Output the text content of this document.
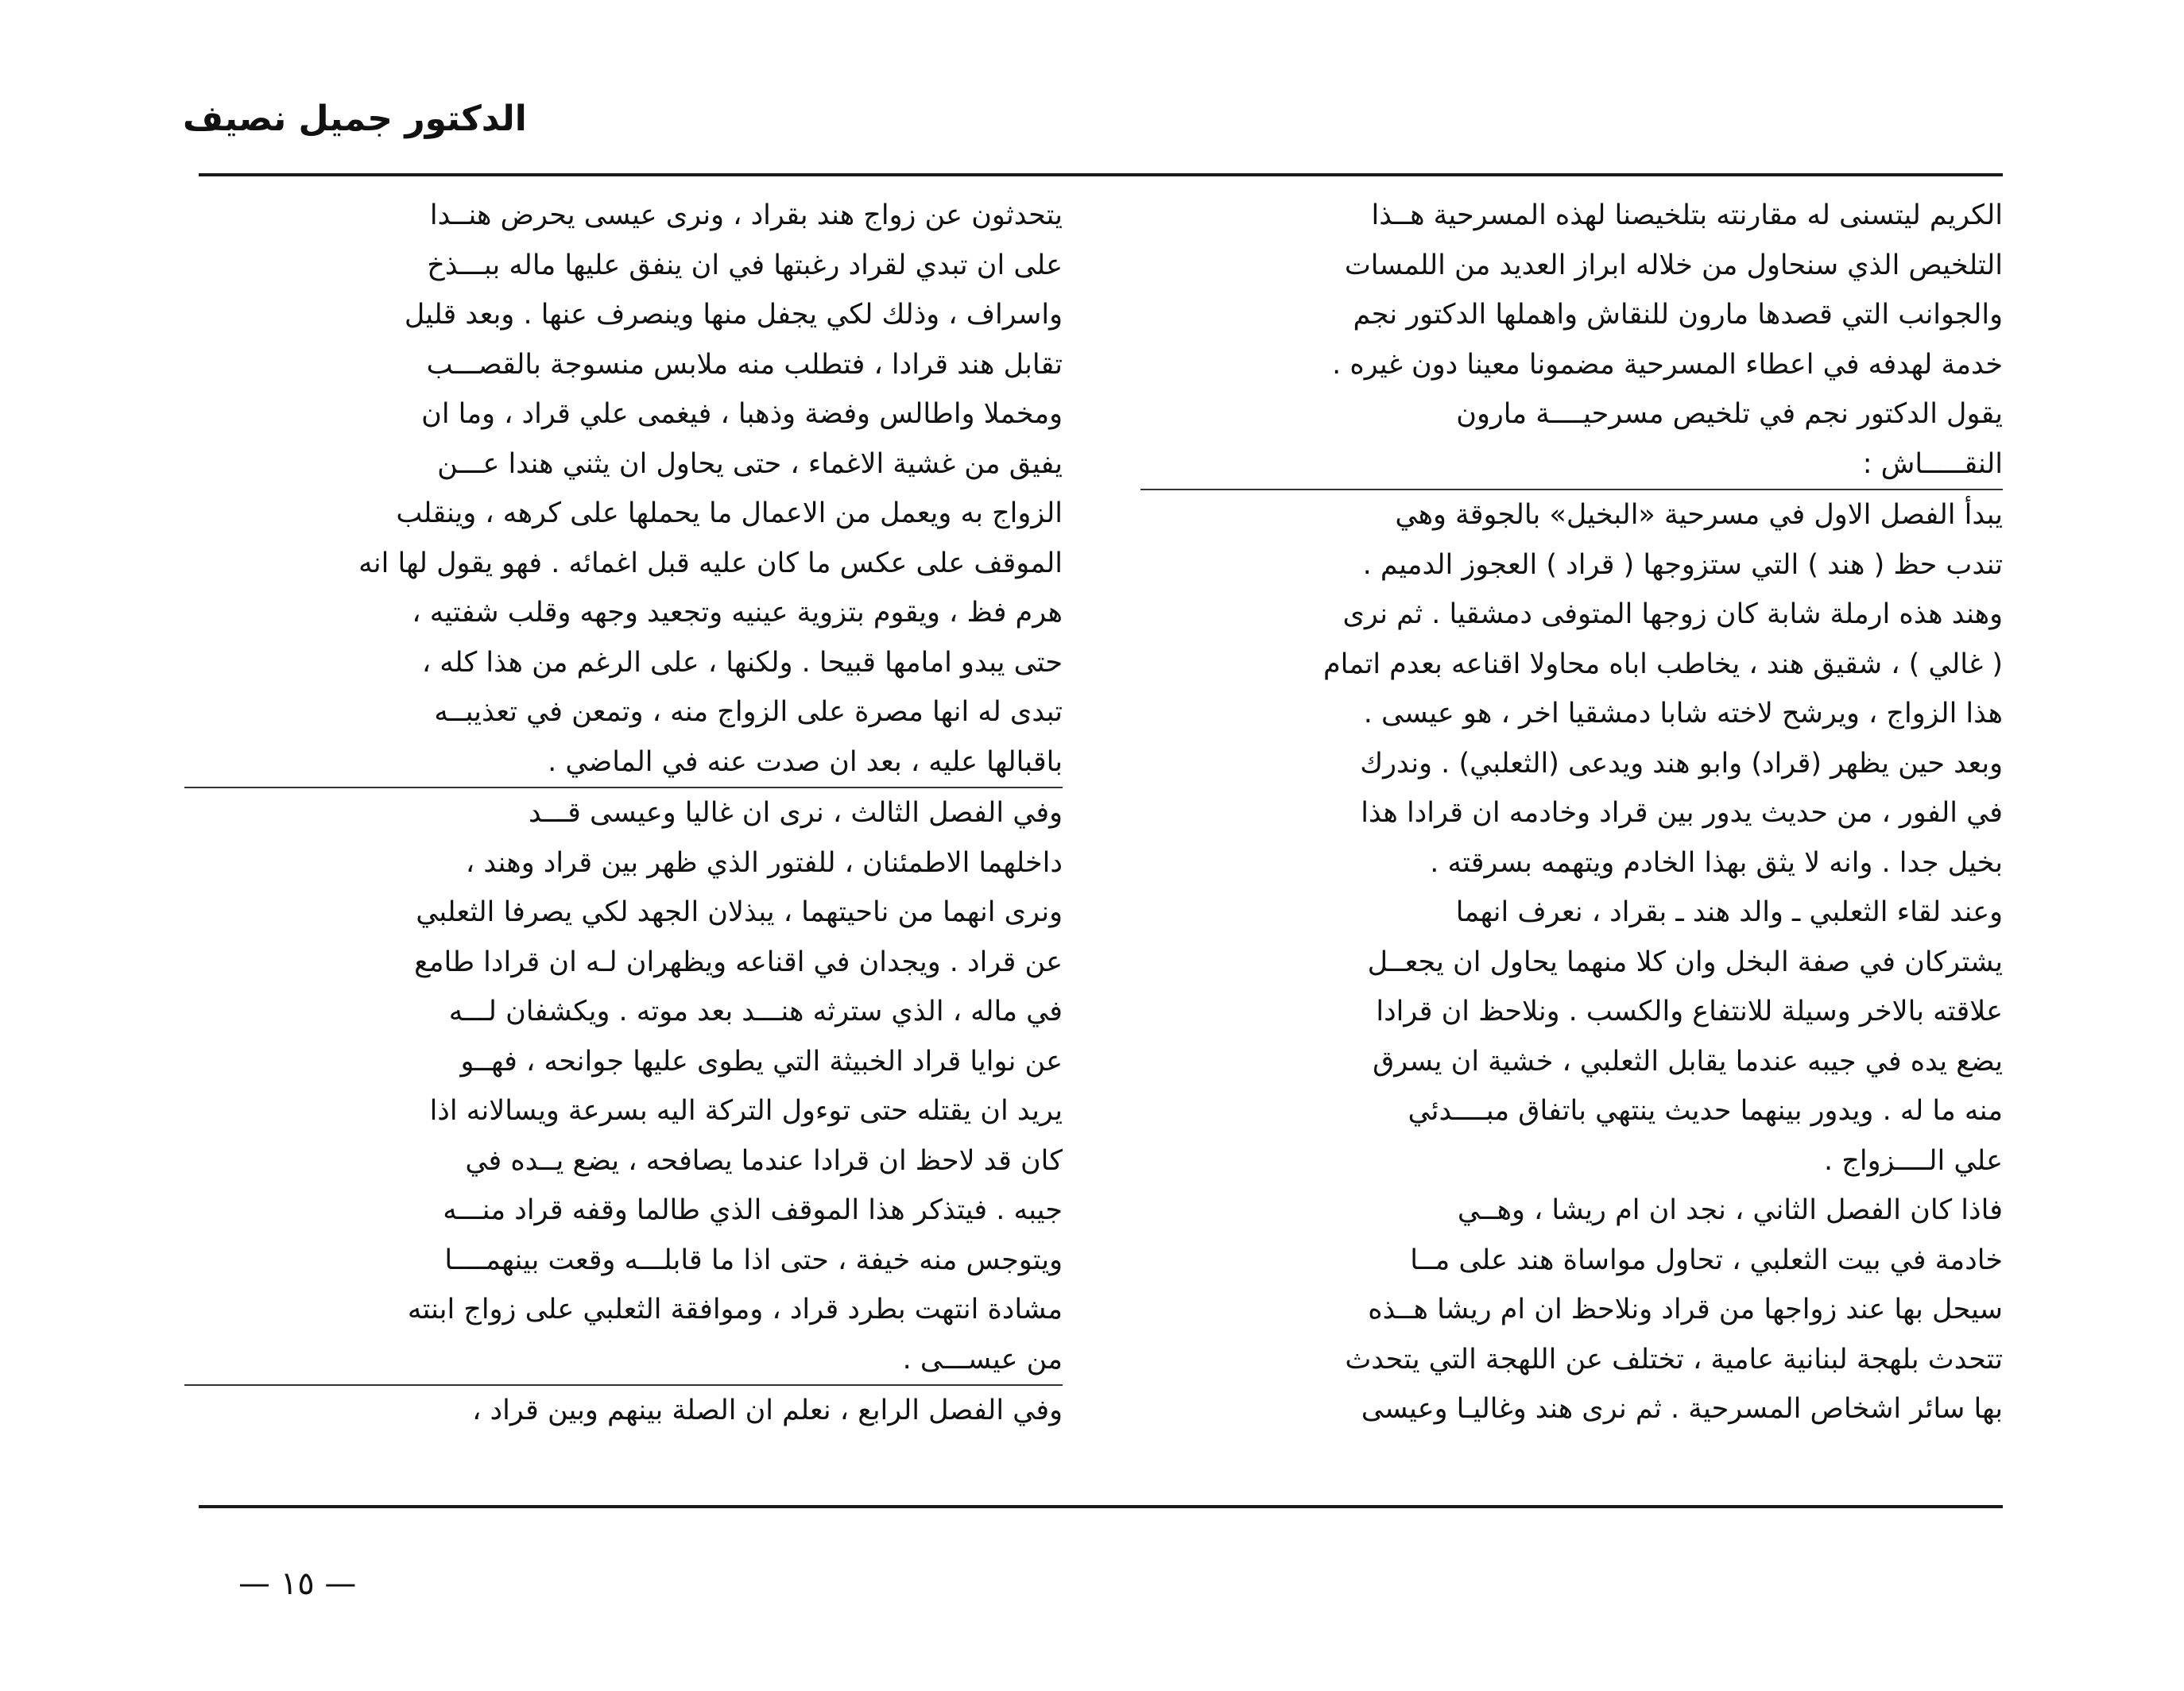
الدكتور جميل نصيف
الكريم ليتسنى له مقارنته بتلخيصنا لهذه المسرحية هــذا
التلخيص الذي سنحاول من خلاله ابراز العديد من اللمسات
والجوانب التي قصدها مارون للنقاش واهملها الدكتور نجم
خدمة لهدفه في اعطاء المسرحية مضمونا معينا دون غيره .
يقول الدكتور نجم في تلخيص مسرحيــــة مارون
النقـــــاش :
يبدأ الفصل الاول في مسرحية «البخيل» بالجوقة وهي
تندب حظ ( هند ) التي ستزوجها ( قراد ) العجوز الدميم .
وهند هذه ارملة شابة كان زوجها المتوفى دمشقيا . ثم نرى
( غالي ) ، شقيق هند ، يخاطب اباه محاولا اقناعه بعدم اتمام
هذا الزواج ، ويرشح لاخته شابا دمشقيا اخر ، هو عيسى .
وبعد حين يظهر (قراد) وابو هند ويدعى (الثعلبي) . وندرك
في الفور ، من حديث يدور بين قراد وخادمه ان قرادا هذا
بخيل جدا . وانه لا يثق بهذا الخادم ويتهمه بسرقته .
وعند لقاء الثعلبي ـ والد هند ـ بقراد ، نعرف انهما
يشتركان في صفة البخل وان كلا منهما يحاول ان يجعــل
علاقته بالاخر وسيلة للانتفاع والكسب . ونلاحظ ان قرادا
يضع يده في جيبه عندما يقابل الثعلبي ، خشية ان يسرق
منه ما له . ويدور بينهما حديث ينتهي باتفاق مبــــدئي
علي الــــزواج .
فاذا كان الفصل الثاني ، نجد ان ام ريشا ، وهــي
خادمة في بيت الثعلبي ، تحاول مواساة هند على مــا
سيحل بها عند زواجها من قراد ونلاحظ ان ام ريشا هــذه
تتحدث بلهجة لبنانية عامية ، تختلف عن اللهجة التي يتحدث
بها سائر اشخاص المسرحية . ثم نرى هند وغاليـا وعيسى
يتحدثون عن زواج هند بقراد ، ونرى عيسى يحرض هنــدا
على ان تبدي لقراد رغبتها في ان ينفق عليها ماله ببـــذخ
واسراف ، وذلك لكي يجفل منها وينصرف عنها . وبعد قليل
تقابل هند قرادا ، فتطلب منه ملابس منسوجة بالقصـــب
ومخملا واطالس وفضة وذهبا ، فيغمى علي قراد ، وما ان
يفيق من غشية الاغماء ، حتى يحاول ان يثني هندا عـــن
الزواج به ويعمل من الاعمال ما يحملها على كرهه ، وينقلب
الموقف على عكس ما كان عليه قبل اغمائه . فهو يقول لها انه
هرم فظ ، ويقوم بتزوية عينيه وتجعيد وجهه وقلب شفتيه ،
حتى يبدو امامها قبيحا . ولكنها ، على الرغم من هذا كله ،
تبدى له انها مصرة على الزواج منه ، وتمعن في تعذيبــه
باقبالها عليه ، بعد ان صدت عنه في الماضي .
وفي الفصل الثالث ، نرى ان غاليا وعيسى قـــد
داخلهما الاطمئنان ، للفتور الذي ظهر بين قراد وهند ،
ونرى انهما من ناحيتهما ، يبذلان الجهد لكي يصرفا الثعلبي
عن قراد . ويجدان في اقناعه ويظهران لـه ان قرادا طامع
في ماله ، الذي سترثه هنـــد بعد موته . ويكشفان لـــه
عن نوايا قراد الخبيثة التي يطوى عليها جوانحه ، فهــو
يريد ان يقتله حتى توءول التركة اليه بسرعة ويسالانه اذا
كان قد لاحظ ان قرادا عندما يصافحه ، يضع يــده في
جيبه . فيتذكر هذا الموقف الذي طالما وقفه قراد منـــه
ويتوجس منه خيفة ، حتى اذا ما قابلـــه وقعت بينهمــــا
مشادة انتهت بطرد قراد ، وموافقة الثعلبي على زواج ابنته
من عيســـى .
وفي الفصل الرابع ، نعلم ان الصلة بينهم وبين قراد ،
— ١٥ —
